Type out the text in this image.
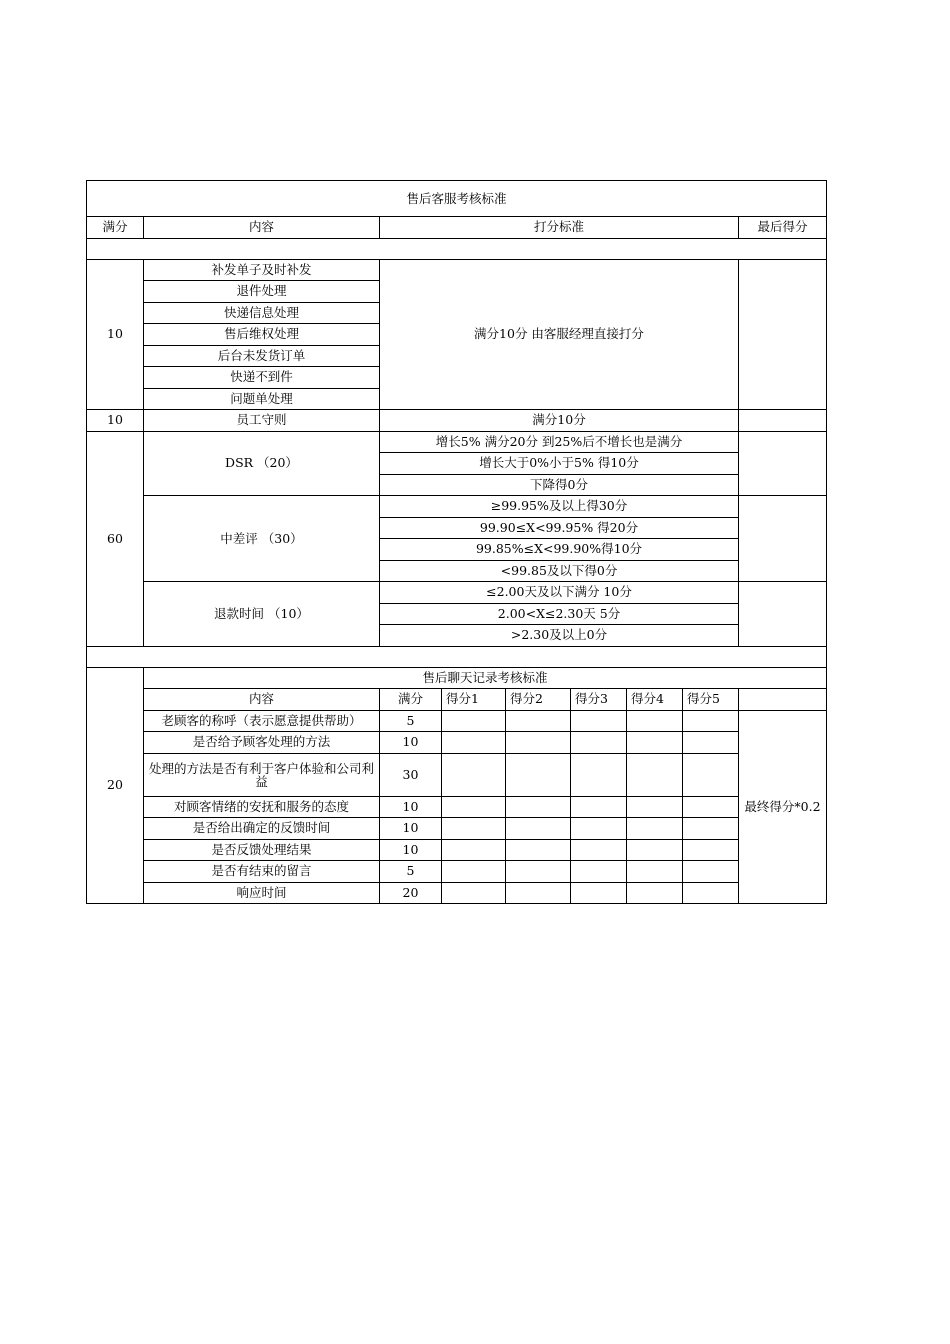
售后客服考核标准								
满分	内容	打分标准						最后得分

10	补发单子及时补发	满分10分 由客服经理直接打分						
	退件处理							
	快递信息处理							
	售后维权处理							
	后台未发货订单							
	快递不到件							
	问题单处理							
10	员工守则	满分10分						
60	DSR （20）	增长5% 满分20分 到25%后不增长也是满分						
		增长大于0%小于5% 得10分						
		下降得0分						
	中差评 （30）	≥99.95%及以上得30分						
		99.90≤X<99.95% 得20分						
		99.85%≤X<99.90%得10分						
		<99.85及以下得0分						
	退款时间 （10）	≤2.00天及以下满分 10分						
		2.00<X≤2.30天 5分						
		>2.30及以上0分						

20	售后聊天记录考核标准							
	内容	满分	得分1	得分2	得分3	得分4	得分5	
	老顾客的称呼（表示愿意提供帮助）	5						最终得分*0.2
	是否给予顾客处理的方法	10						
	处理的方法是否有利于客户体验和公司利益	30						
	对顾客情绪的安抚和服务的态度	10						
	是否给出确定的反馈时间	10						
	是否反馈处理结果	10						
	是否有结束的留言	5						
	响应时间	20						
